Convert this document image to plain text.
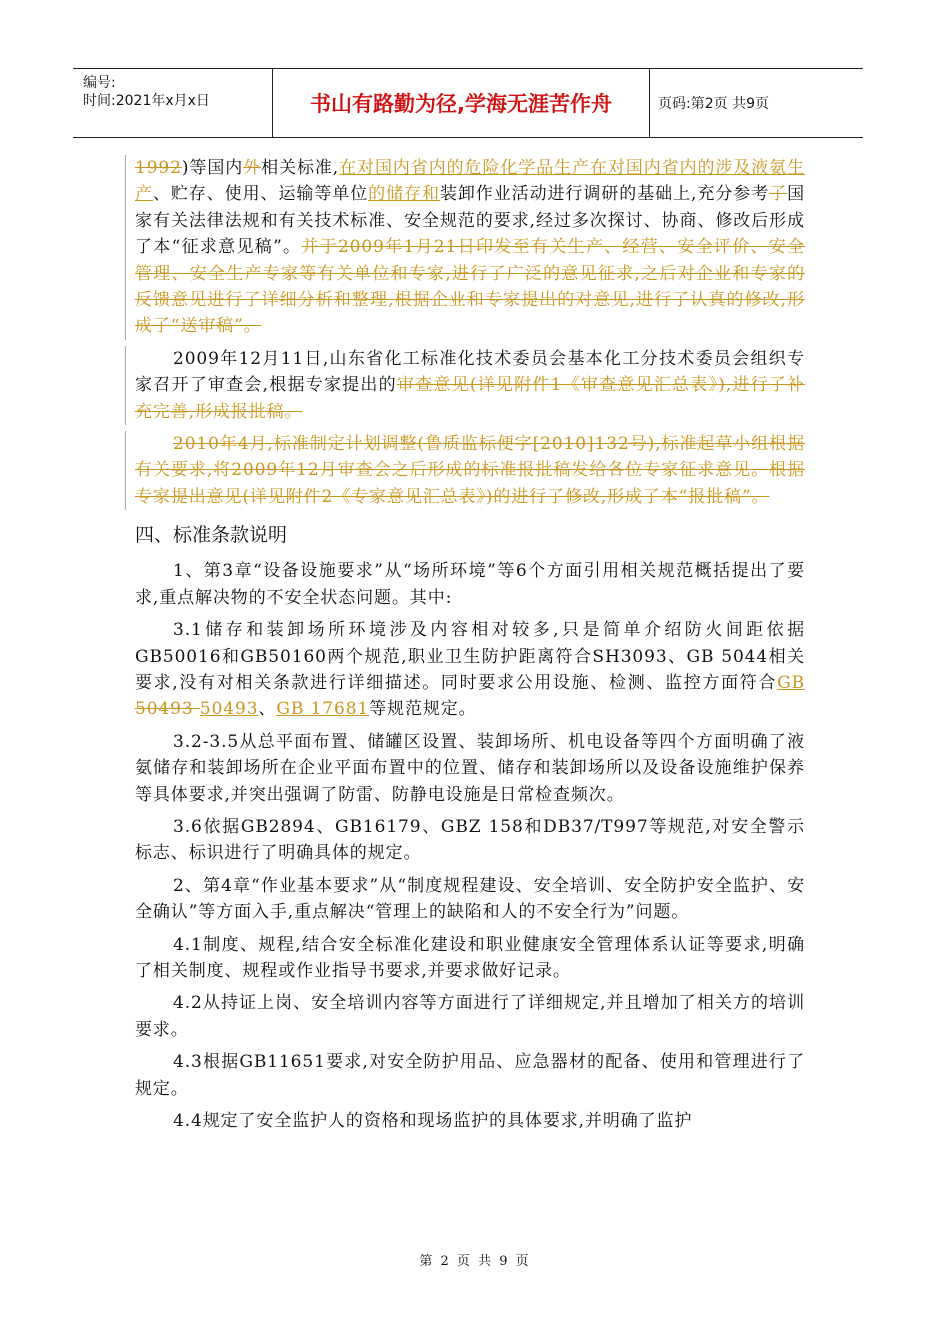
编号:
时间:2021年x月x日	书山有路勤为径,学海无涯苦作舟	页码:第2页 共9页

1992)等国内外相关标准,在对国内省内的危险化学品生产在对国内省内的涉及液氨生产、贮存、使用、运输等单位的储存和装卸作业活动进行调研的基础上,充分参考了国家有关法律法规和有关技术标准、安全规范的要求,经过多次探讨、协商、修改后形成了本“征求意见稿”。并于2009年1月21日印发至有关生产、经营、安全评价、安全管理、安全生产专家等有关单位和专家,进行了广泛的意见征求,之后对企业和专家的反馈意见进行了详细分析和整理,根据企业和专家提出的对意见,进行了认真的修改,形成了“送审稿”。

2009年12月11日,山东省化工标准化技术委员会基本化工分技术委员会组织专家召开了审查会,根据专家提出的审查意见(详见附件1《审查意见汇总表》),进行了补充完善,形成报批稿。

2010年4月,标准制定计划调整(鲁质监标便字[2010]132号),标准起草小组根据有关要求,将2009年12月审查会之后形成的标准报批稿发给各位专家征求意见。根据专家提出意见(详见附件2《专家意见汇总表》)的进行了修改,形成了本“报批稿”。

四、标准条款说明

1、第3章“设备设施要求”从“场所环境”等6个方面引用相关规范概括提出了要求,重点解决物的不安全状态问题。其中:

3.1储存和装卸场所环境涉及内容相对较多,只是简单介绍防火间距依据GB50016和GB50160两个规范,职业卫生防护距离符合SH3093、GB 5044相关要求,没有对相关条款进行详细描述。同时要求公用设施、检测、监控方面符合GB 50493 50493、GB 17681等规范规定。

3.2-3.5从总平面布置、储罐区设置、装卸场所、机电设备等四个方面明确了液氨储存和装卸场所在企业平面布置中的位置、储存和装卸场所以及设备设施维护保养等具体要求,并突出强调了防雷、防静电设施是日常检查频次。

3.6依据GB2894、GB16179、GBZ 158和DB37/T997等规范,对安全警示标志、标识进行了明确具体的规定。

2、第4章“作业基本要求”从“制度规程建设、安全培训、安全防护安全监护、安全确认”等方面入手,重点解决“管理上的缺陷和人的不安全行为”问题。

4.1制度、规程,结合安全标准化建设和职业健康安全管理体系认证等要求,明确了相关制度、规程或作业指导书要求,并要求做好记录。

4.2从持证上岗、安全培训内容等方面进行了详细规定,并且增加了相关方的培训要求。

4.3根据GB11651要求,对安全防护用品、应急器材的配备、使用和管理进行了规定。

4.4规定了安全监护人的资格和现场监护的具体要求,并明确了监护

第 2 页 共 9 页
